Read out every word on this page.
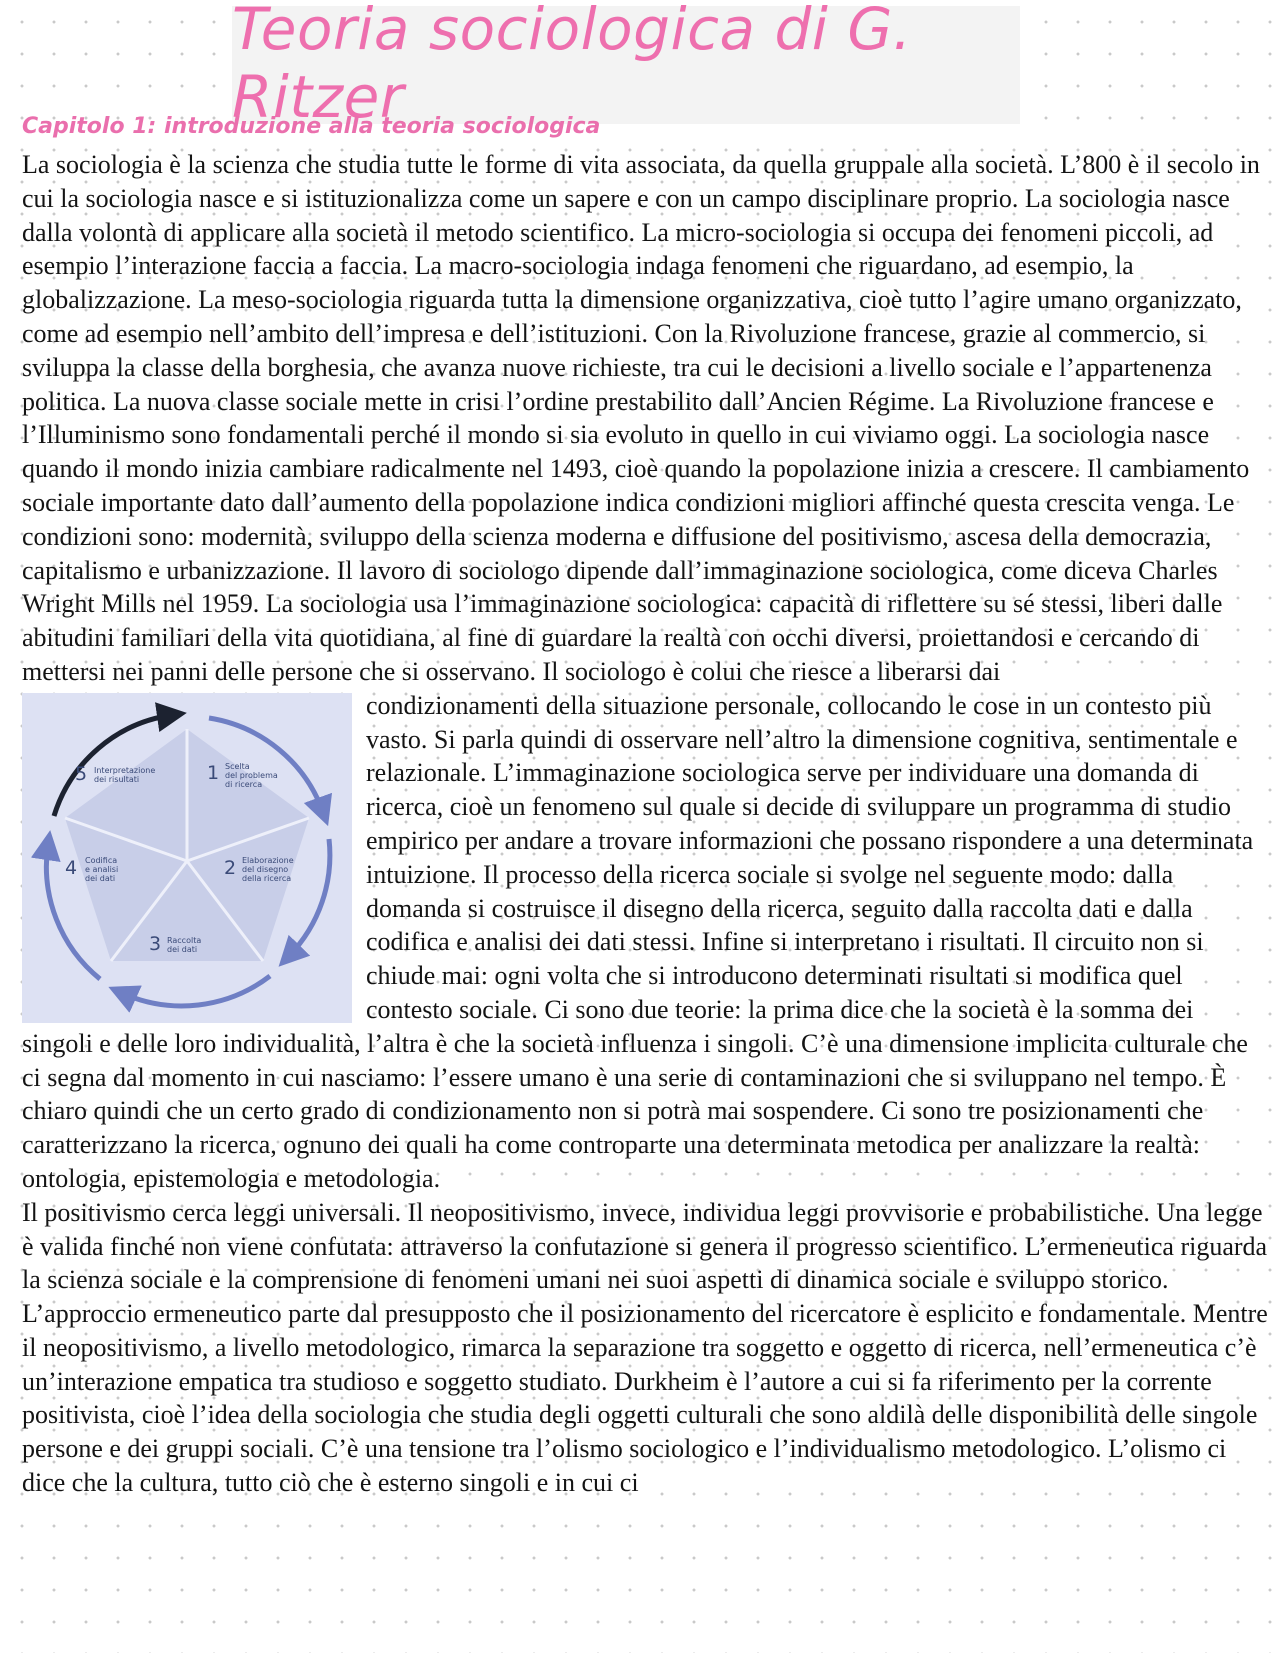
Teoria sociologica di G. Ritzer
Capitolo 1: introduzione alla teoria sociologica

La sociologia è la scienza che studia tutte le forme di vita associata, da quella gruppale alla società. L’800 è il secolo in cui la sociologia nasce e si istituzionalizza come un sapere e con un campo disciplinare proprio. La sociologia nasce dalla volontà di applicare alla società il metodo scientifico. La micro-sociologia si occupa dei fenomeni piccoli, ad esempio l’interazione faccia a faccia. La macro-sociologia indaga fenomeni che riguardano, ad esempio, la globalizzazione. La meso-sociologia riguarda tutta la dimensione organizzativa, cioè tutto l’agire umano organizzato, come ad esempio nell’ambito dell’impresa e dell’istituzioni. Con la Rivoluzione francese, grazie al commercio, si sviluppa la classe della borghesia, che avanza nuove richieste, tra cui le decisioni a livello sociale e l’appartenenza politica. La nuova classe sociale mette in crisi l’ordine prestabilito dall’Ancien Régime. La Rivoluzione francese e l’Illuminismo sono fondamentali perché il mondo si sia evoluto in quello in cui viviamo oggi. La sociologia nasce quando il mondo inizia cambiare radicalmente nel 1493, cioè quando la popolazione inizia a crescere. Il cambiamento sociale importante dato dall’aumento della popolazione indica condizioni migliori affinché questa crescita venga. Le condizioni sono: modernità, sviluppo della scienza moderna e diffusione del positivismo, ascesa della democrazia, capitalismo e urbanizzazione. Il lavoro di sociologo dipende dall’immaginazione sociologica, come diceva Charles Wright Mills nel 1959. La sociologia usa l’immaginazione sociologica: capacità di riflettere su sé stessi, liberi dalle abitudini familiari della vita quotidiana, al fine di guardare la realtà con occhi diversi, proiettandosi e cercando di mettersi nei panni delle persone che si osservano. Il sociologo è colui che riesce a liberarsi dai

1 Scelta
del problema
di ricerca
2 Elaborazione
del disegno
della ricerca
3 Raccolta
dei dati
4 Codifica
e analisi
dei dati
5 Interpretazione
dei risultati

condizionamenti della situazione personale, collocando le cose in un contesto più vasto. Si parla quindi di osservare nell’altro la dimensione cognitiva, sentimentale e relazionale. L’immaginazione sociologica serve per individuare una domanda di ricerca, cioè un fenomeno sul quale si decide di sviluppare un programma di studio empirico per andare a trovare informazioni che possano rispondere a una determinata intuizione. Il processo della ricerca sociale si svolge nel seguente modo: dalla domanda si costruisce il disegno della ricerca, seguito dalla raccolta dati e dalla codifica e analisi dei dati stessi. Infine si interpretano i risultati. Il circuito non si chiude mai: ogni volta che si introducono determinati risultati si modifica quel contesto sociale. Ci sono due teorie: la prima dice che la società è la somma dei singoli e delle loro individualità, l’altra è che la società influenza i singoli. C’è una dimensione implicita culturale che ci segna dal momento in cui nasciamo: l’essere umano è una serie di contaminazioni che si sviluppano nel tempo. È chiaro quindi che un certo grado di condizionamento non si potrà mai sospendere. Ci sono tre posizionamenti che caratterizzano la ricerca, ognuno dei quali ha come controparte una determinata metodica per analizzare la realtà: ontologia, epistemologia e metodologia.

Il positivismo cerca leggi universali. Il neopositivismo, invece, individua leggi provvisorie e probabilistiche. Una legge è valida finché non viene confutata: attraverso la confutazione si genera il progresso scientifico. L’ermeneutica riguarda la scienza sociale e la comprensione di fenomeni umani nei suoi aspetti di dinamica sociale e sviluppo storico. L’approccio ermeneutico parte dal presupposto che il posizionamento del ricercatore è esplicito e fondamentale. Mentre il neopositivismo, a livello metodologico, rimarca la separazione tra soggetto e oggetto di ricerca, nell’ermeneutica c’è un’interazione empatica tra studioso e soggetto studiato. Durkheim è l’autore a cui si fa riferimento per la corrente positivista, cioè l’idea della sociologia che studia degli oggetti culturali che sono aldilà delle disponibilità delle singole persone e dei gruppi sociali. C’è una tensione tra l’olismo sociologico e l’individualismo metodologico. L’olismo ci dice che la cultura, tutto ciò che è esterno singoli e in cui ci
